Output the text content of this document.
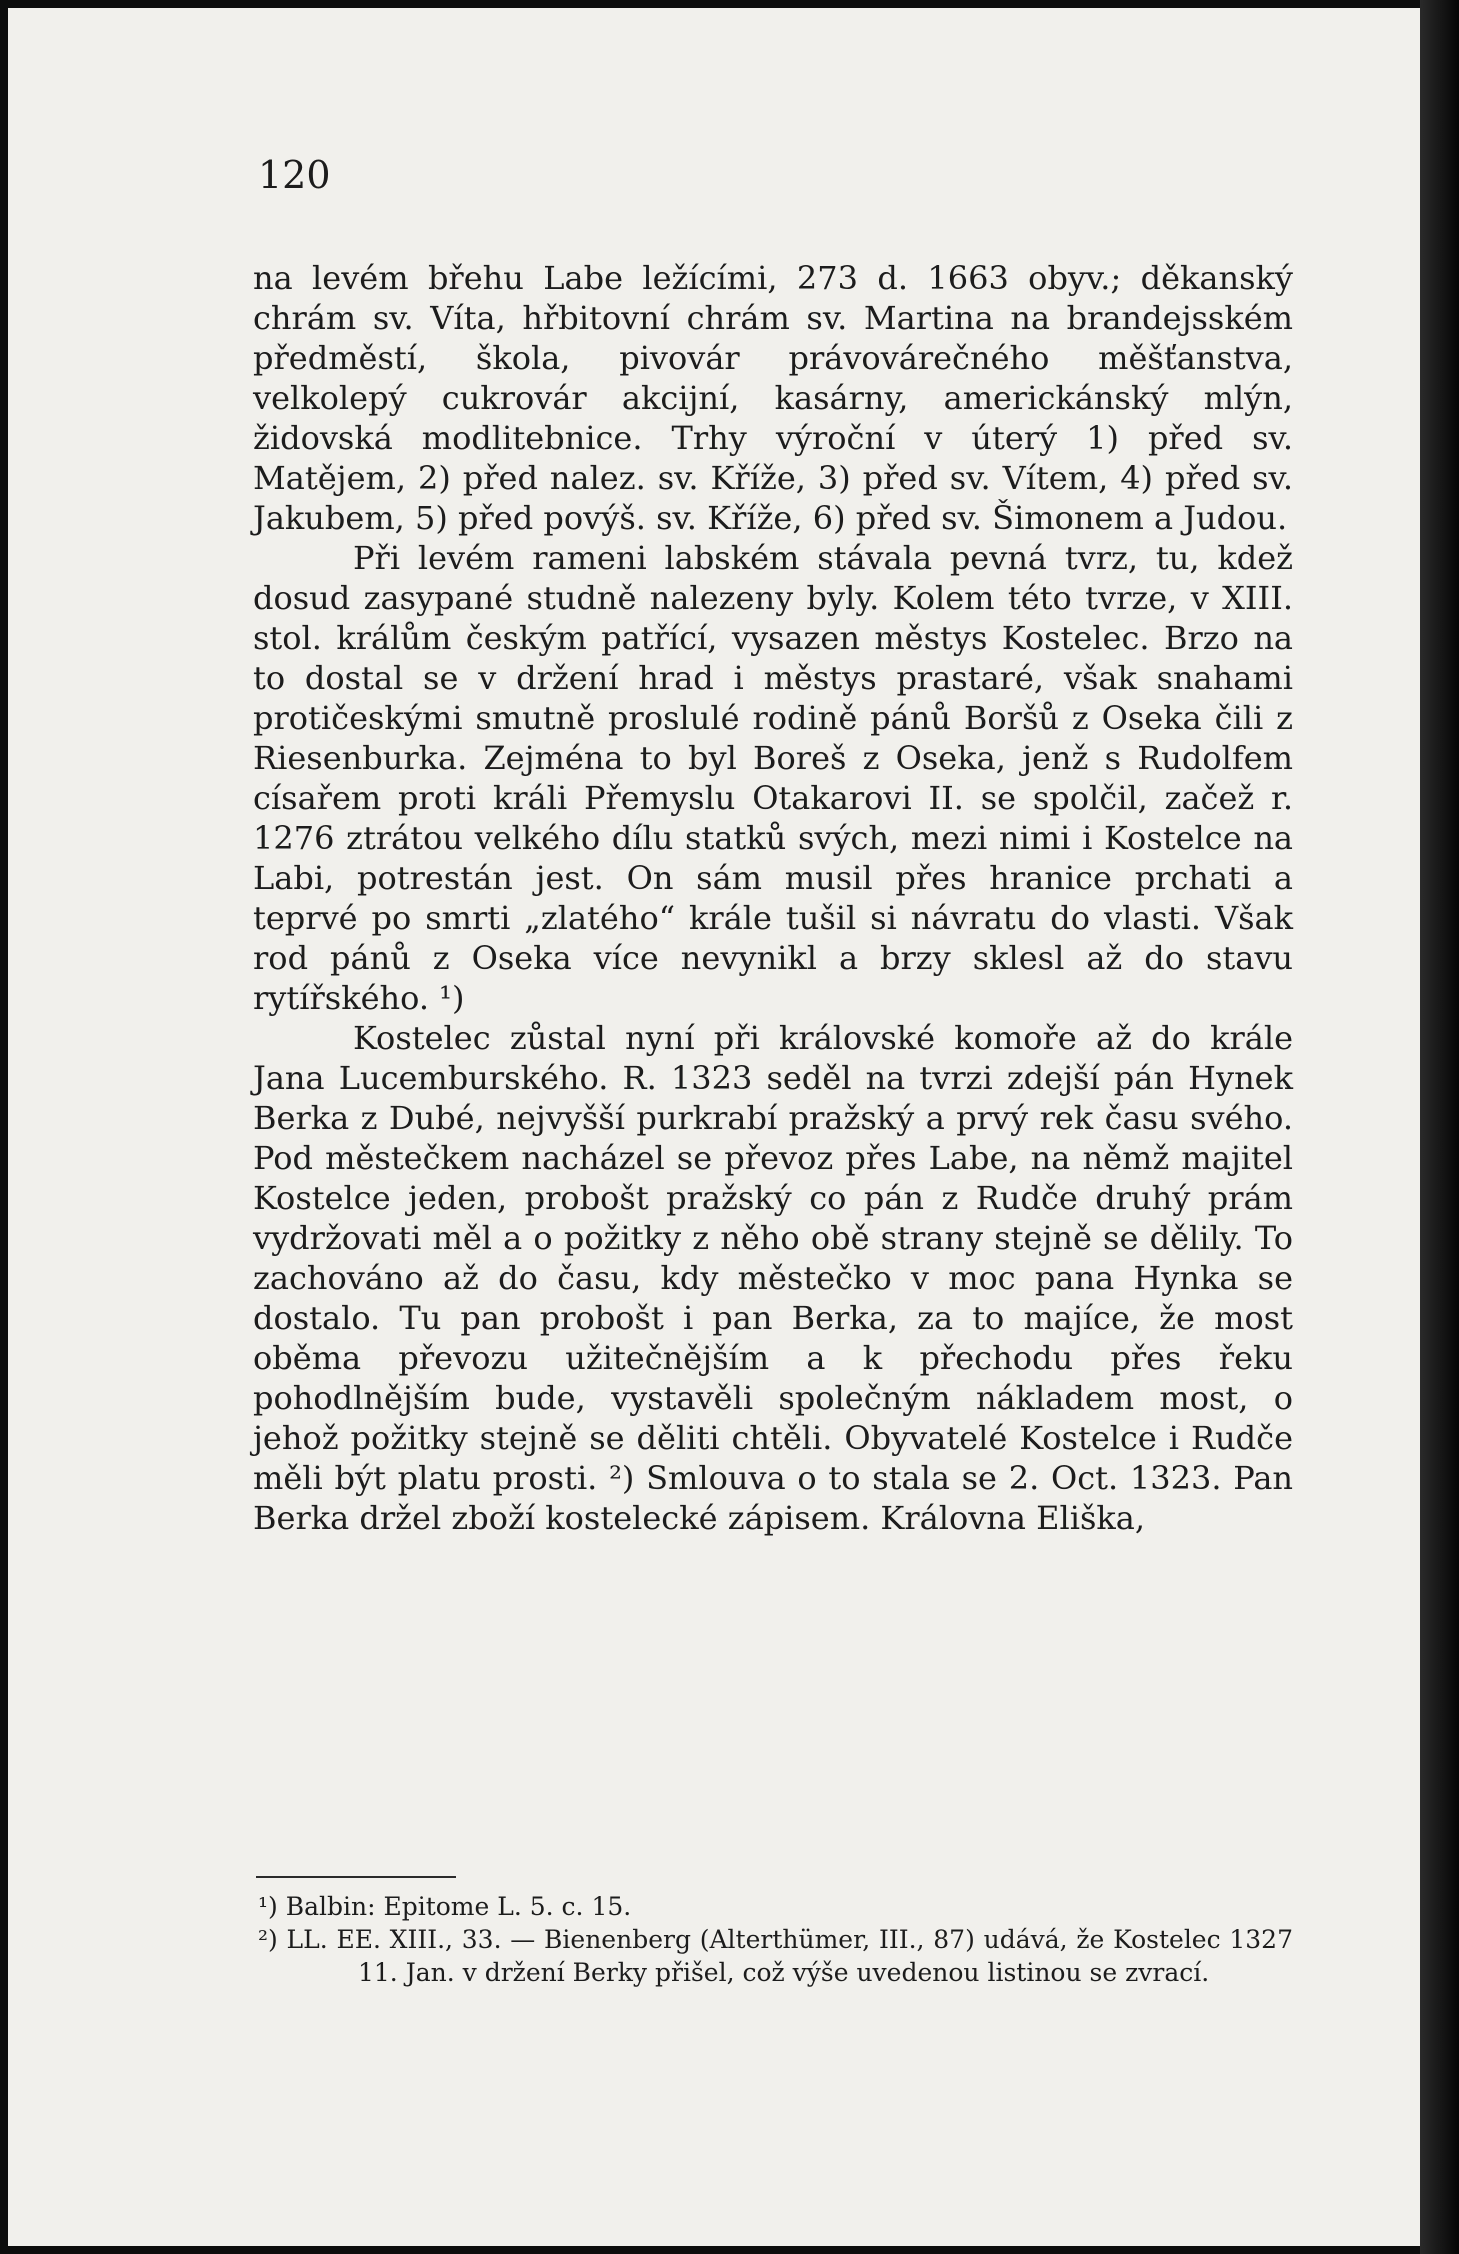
120

na levém břehu Labe ležícími, 273 d. 1663 obyv.; děkanský chrám sv. Víta, hřbitovní chrám sv. Martina na brandejsském předměstí, škola, pivovár právovárečného měšťanstva, velkolepý cukrovár akcijní, kasárny, americkánský mlýn, židovská modlitebnice. Trhy výroční v úterý 1) před sv. Matějem, 2) před nalez. sv. Kříže, 3) před sv. Vítem, 4) před sv. Jakubem, 5) před povýš. sv. Kříže, 6) před sv. Šimonem a Judou.

Při levém rameni labském stávala pevná tvrz, tu, kdež dosud zasypané studně nalezeny byly. Kolem této tvrze, v XIII. stol. králům českým patřící, vysazen městys Kostelec. Brzo na to dostal se v držení hrad i městys prastaré, však snahami protičeskými smutně proslulé rodině pánů Boršů z Oseka čili z Riesenburka. Zejména to byl Boreš z Oseka, jenž s Rudolfem císařem proti králi Přemyslu Otakarovi II. se spolčil, začež r. 1276 ztrátou velkého dílu statků svých, mezi nimi i Kostelce na Labi, potrestán jest. On sám musil přes hranice prchati a teprvé po smrti „zlatého“ krále tušil si návratu do vlasti. Však rod pánů z Oseka více nevynikl a brzy sklesl až do stavu rytířského. ¹)

Kostelec zůstal nyní při královské komoře až do krále Jana Lucemburského. R. 1323 seděl na tvrzi zdejší pán Hynek Berka z Dubé, nejvyšší purkrabí pražský a prvý rek času svého. Pod městečkem nacházel se převoz přes Labe, na němž majitel Kostelce jeden, probošt pražský co pán z Rudče druhý prám vydržovati měl a o požitky z něho obě strany stejně se dělily. To zachováno až do času, kdy městečko v moc pana Hynka se dostalo. Tu pan probošt i pan Berka, za to majíce, že most oběma převozu užitečnějším a k přechodu přes řeku pohodlnějším bude, vystavěli společným nákladem most, o jehož požitky stejně se děliti chtěli. Obyvatelé Kostelce i Rudče měli být platu prosti. ²) Smlouva o to stala se 2. Oct. 1323. Pan Berka držel zboží kostelecké zápisem. Královna Eliška,

¹) Balbin: Epitome L. 5. c. 15.

²) LL. EE. XIII., 33. — Bienenberg (Alterthümer, III., 87) udává, že Kostelec 1327 11. Jan. v držení Berky přišel, což výše uvedenou listinou se zvrací.
